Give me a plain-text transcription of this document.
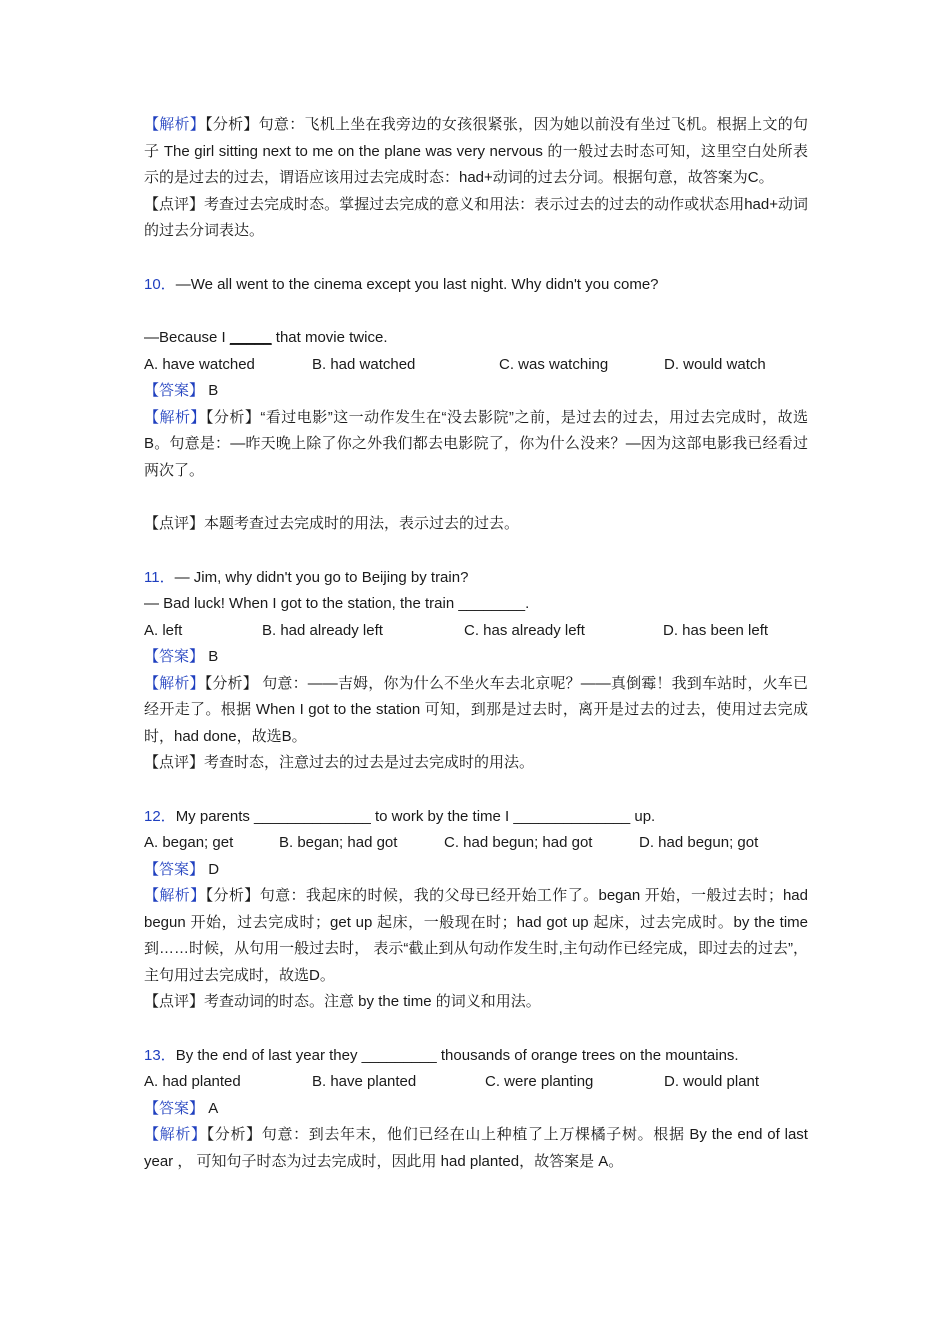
【解析】【分析】句意：飞机上坐在我旁边的女孩很紧张，因为她以前没有坐过飞机。根据上文的句子 The girl sitting next to me on the plane was very nervous 的一般过去时态可知，这里空白处所表示的是过去的过去，谓语应该用过去完成时态：had+动词的过去分词。根据句意，故答案为C。

【点评】考查过去完成时态。掌握过去完成的意义和用法：表示过去的过去的动作或状态用had+动词的过去分词表达。

10．—We all went to the cinema except you last night. Why didn't you come?
—Because I _____ that movie twice.
A. have watched	B. had watched	C. was watching	D. would watch
【答案】 B

【解析】【分析】“看过电影”这一动作发生在“没去影院”之前，是过去的过去，用过去完成时，故选B。句意是：—昨天晚上除了你之外我们都去电影院了，你为什么没来？—因为这部电影我已经看过两次了。

【点评】本题考查过去完成时的用法，表示过去的过去。

11．— Jim, why didn't you go to Beijing by train?
— Bad luck! When I got to the station, the train ________.
A. left	B. had already left	C. has already left	D. has been left
【答案】 B

【解析】【分析】 句意：——吉姆，你为什么不坐火车去北京呢？——真倒霉！我到车站时，火车已经开走了。根据 When I got to the station 可知，到那是过去时，离开是过去的过去，使用过去完成时，had done，故选B。

【点评】考查时态，注意过去的过去是过去完成时的用法。

12．My parents ______________ to work by the time I ______________ up.
A. began; get	B. began; had got	C. had begun; had got	D. had begun; got
【答案】 D

【解析】【分析】句意：我起床的时候，我的父母已经开始工作了。began 开始，一般过去时；had begun 开始，过去完成时；get up 起床，一般现在时；had got up 起床，过去完成时。by the time 到……时候，从句用一般过去时， 表示“截止到从句动作发生时,主句动作已经完成，即过去的过去”，主句用过去完成时，故选D。

【点评】考查动词的时态。注意 by the time 的词义和用法。

13．By the end of last year they _________ thousands of orange trees on the mountains.
A. had planted	B. have planted	C. were planting	D. would plant
【答案】 A

【解析】【分析】句意：到去年末，他们已经在山上种植了上万棵橘子树。根据 By the end of last year ， 可知句子时态为过去完成时，因此用 had planted，故答案是 A。
